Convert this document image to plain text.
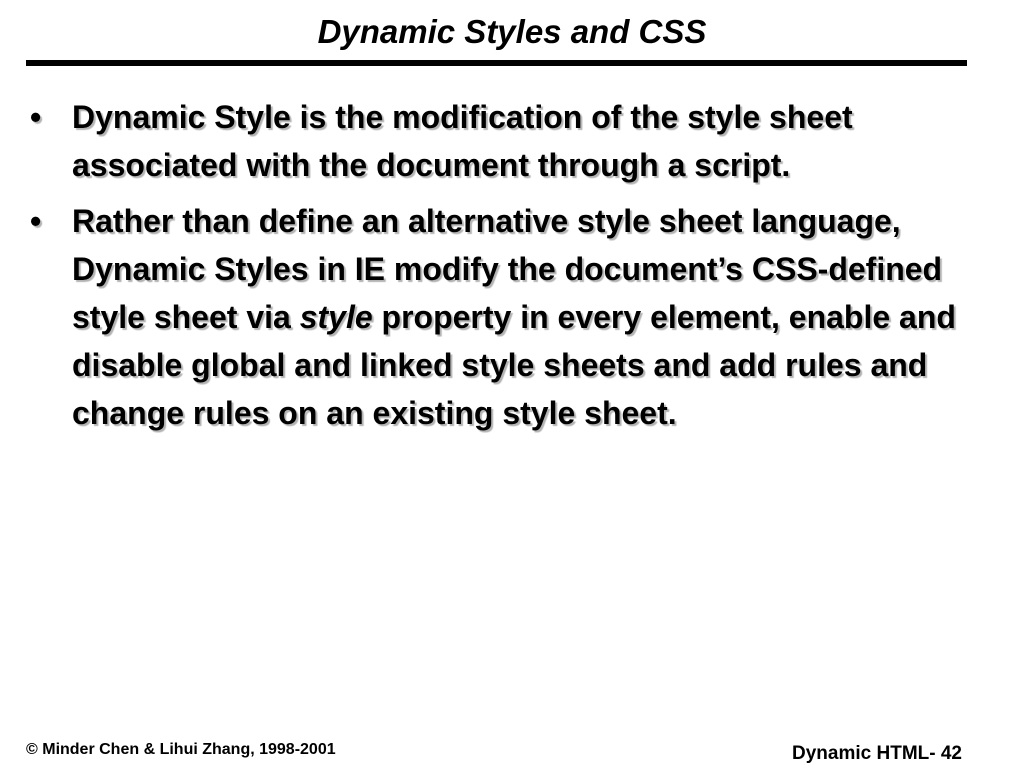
Dynamic Styles and CSS
• Dynamic Style is the modification of the style sheet associated with the document through a script.
• Rather than define an alternative style sheet language, Dynamic Styles in IE modify the document’s CSS-defined style sheet via style property in every element, enable and disable global and linked style sheets and add rules and change rules on an existing style sheet.
© Minder Chen & Lihui Zhang, 1998-2001	Dynamic HTML- 42
